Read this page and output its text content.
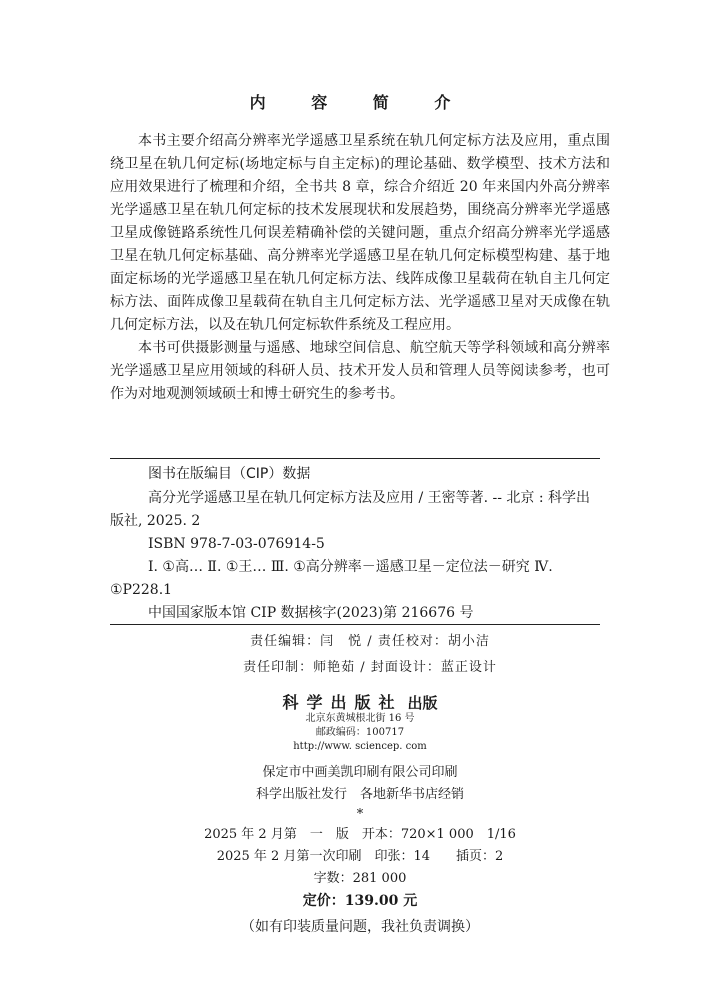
内 容 简 介
本书主要介绍高分辨率光学遥感卫星系统在轨几何定标方法及应用，重点围绕卫星在轨几何定标(场地定标与自主定标)的理论基础、数学模型、技术方法和应用效果进行了梳理和介绍，全书共 8 章，综合介绍近 20 年来国内外高分辨率光学遥感卫星在轨几何定标的技术发展现状和发展趋势，围绕高分辨率光学遥感卫星成像链路系统性几何误差精确补偿的关键问题，重点介绍高分辨率光学遥感卫星在轨几何定标基础、高分辨率光学遥感卫星在轨几何定标模型构建、基于地面定标场的光学遥感卫星在轨几何定标方法、线阵成像卫星载荷在轨自主几何定标方法、面阵成像卫星载荷在轨自主几何定标方法、光学遥感卫星对天成像在轨几何定标方法，以及在轨几何定标软件系统及工程应用。
本书可供摄影测量与遥感、地球空间信息、航空航天等学科领域和高分辨率光学遥感卫星应用领域的科研人员、技术开发人员和管理人员等阅读参考，也可作为对地观测领域硕士和博士研究生的参考书。
图书在版编目（CIP）数据
高分光学遥感卫星在轨几何定标方法及应用 / 王密等著. -- 北京 : 科学出版社, 2025. 2
ISBN 978-7-03-076914-5
Ⅰ. ①高… Ⅱ. ①王… Ⅲ. ①高分辨率－遥感卫星－定位法－研究 Ⅳ. ①P228.1
中国国家版本馆 CIP 数据核字(2023)第 216676 号
责任编辑：闫　悦 / 责任校对：胡小洁
责任印制：师艳茹 / 封面设计：蓝正设计
科学出版社 出版
北京东黄城根北街 16 号
邮政编码：100717
http://www. sciencep. com
保定市中画美凯印刷有限公司印刷
科学出版社发行　各地新华书店经销
*
2025 年 2 月第　一　版　开本：720×1 000　1/16
2025 年 2 月第一次印刷　印张：14　　插页：2
字数：281 000
定价：139.00 元
（如有印装质量问题，我社负责调换）
